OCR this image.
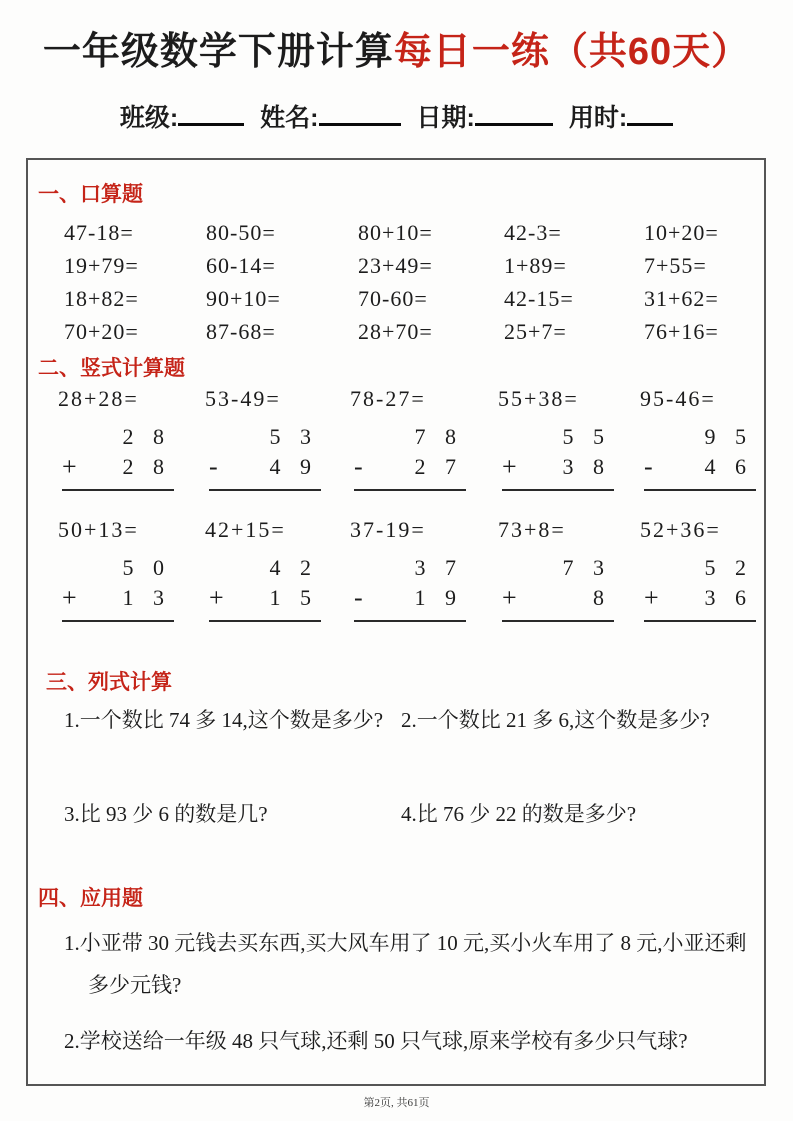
一年级数学下册计算每日一练（共60天）
班级:	姓名:	日期:	用时:
一、口算题
47-18=	80-50=	80+10=	42-3=	10+20=
19+79=	60-14=	23+49=	1+89=	7+55=
18+82=	90+10=	70-60=	42-15=	31+62=
70+20=	87-68=	28+70=	25+7=	76+16=
二、竖式计算题
28+28=
2 8
+ 2 8
53-49=
5 3
- 4 9
78-27=
7 8
- 2 7
55+38=
5 5
+ 3 8
95-46=
9 5
- 4 6
50+13=
5 0
+ 1 3
42+15=
4 2
+ 1 5
37-19=
3 7
- 1 9
73+8=
7 3
+	8
52+36=
5 2
+ 3 6
三、列式计算
1.一个数比 74 多 14,这个数是多少? 2.一个数比 21 多 6,这个数是多少?
3.比 93 少 6 的数是几?	4.比 76 少 22 的数是多少?
四、应用题
1.小亚带 30 元钱去买东西,买大风车用了 10 元,买小火车用了 8 元,小亚还剩多少元钱?
2.学校送给一年级 48 只气球,还剩 50 只气球,原来学校有多少只气球?
第2页, 共61页
